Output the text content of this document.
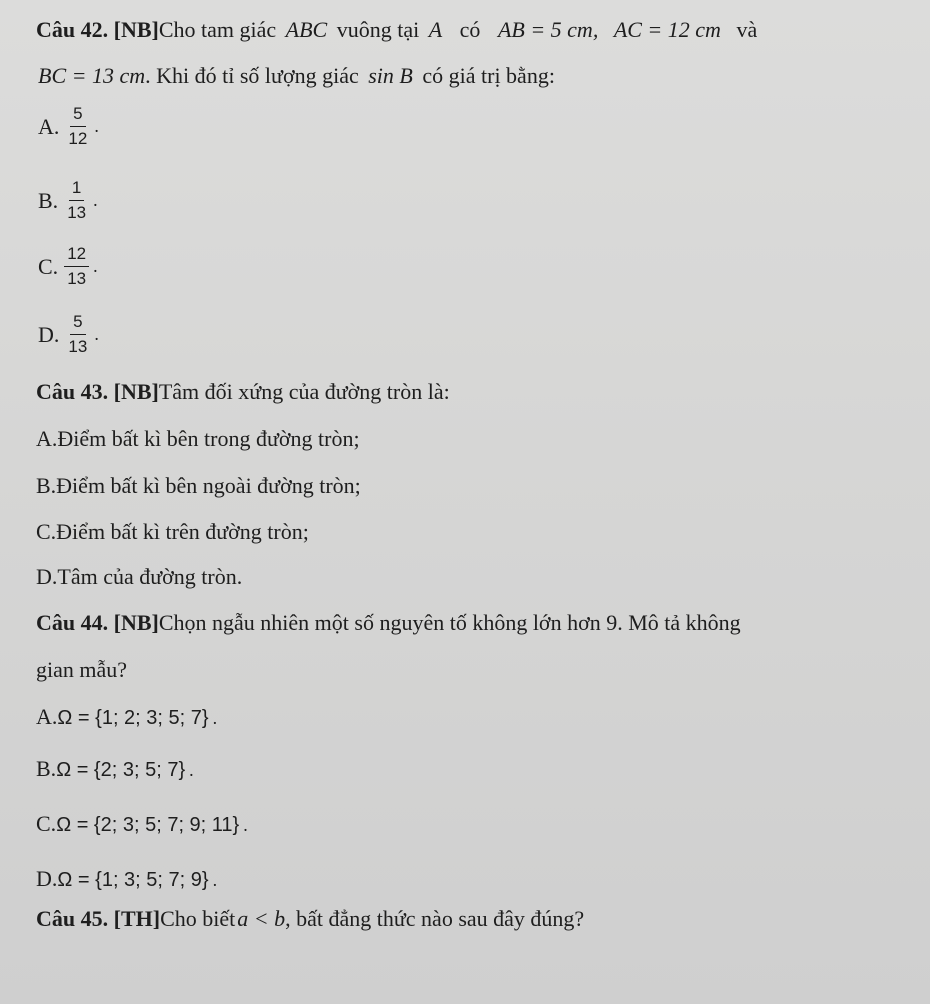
Câu 42. [NB]Cho tam giác ABC vuông tại A có AB = 5 cm, AC = 12 cm và
BC = 13 cm. Khi đó tỉ số lượng giác sin B có giá trị bằng:
A. $\frac{5}{12}$ .
B. $\frac{1}{13}$ .
C. $\frac{12}{13}$ .
D. $\frac{5}{13}$ .
Câu 43. [NB]Tâm đối xứng của đường tròn là:
A.Điểm bất kì bên trong đường tròn;
B.Điểm bất kì bên ngoài đường tròn;
C.Điểm bất kì trên đường tròn;
D.Tâm của đường tròn.
Câu 44. [NB]Chọn ngẫu nhiên một số nguyên tố không lớn hơn 9. Mô tả không
gian mẫu?
A.Ω = {1; 2; 3; 5; 7} .
B.Ω = {2; 3; 5; 7} .
C.Ω = {2; 3; 5; 7; 9; 11} .
D.Ω = {1; 3; 5; 7; 9} .
Câu 45. [TH]Cho biếta < b, bất đẳng thức nào sau đây đúng?
